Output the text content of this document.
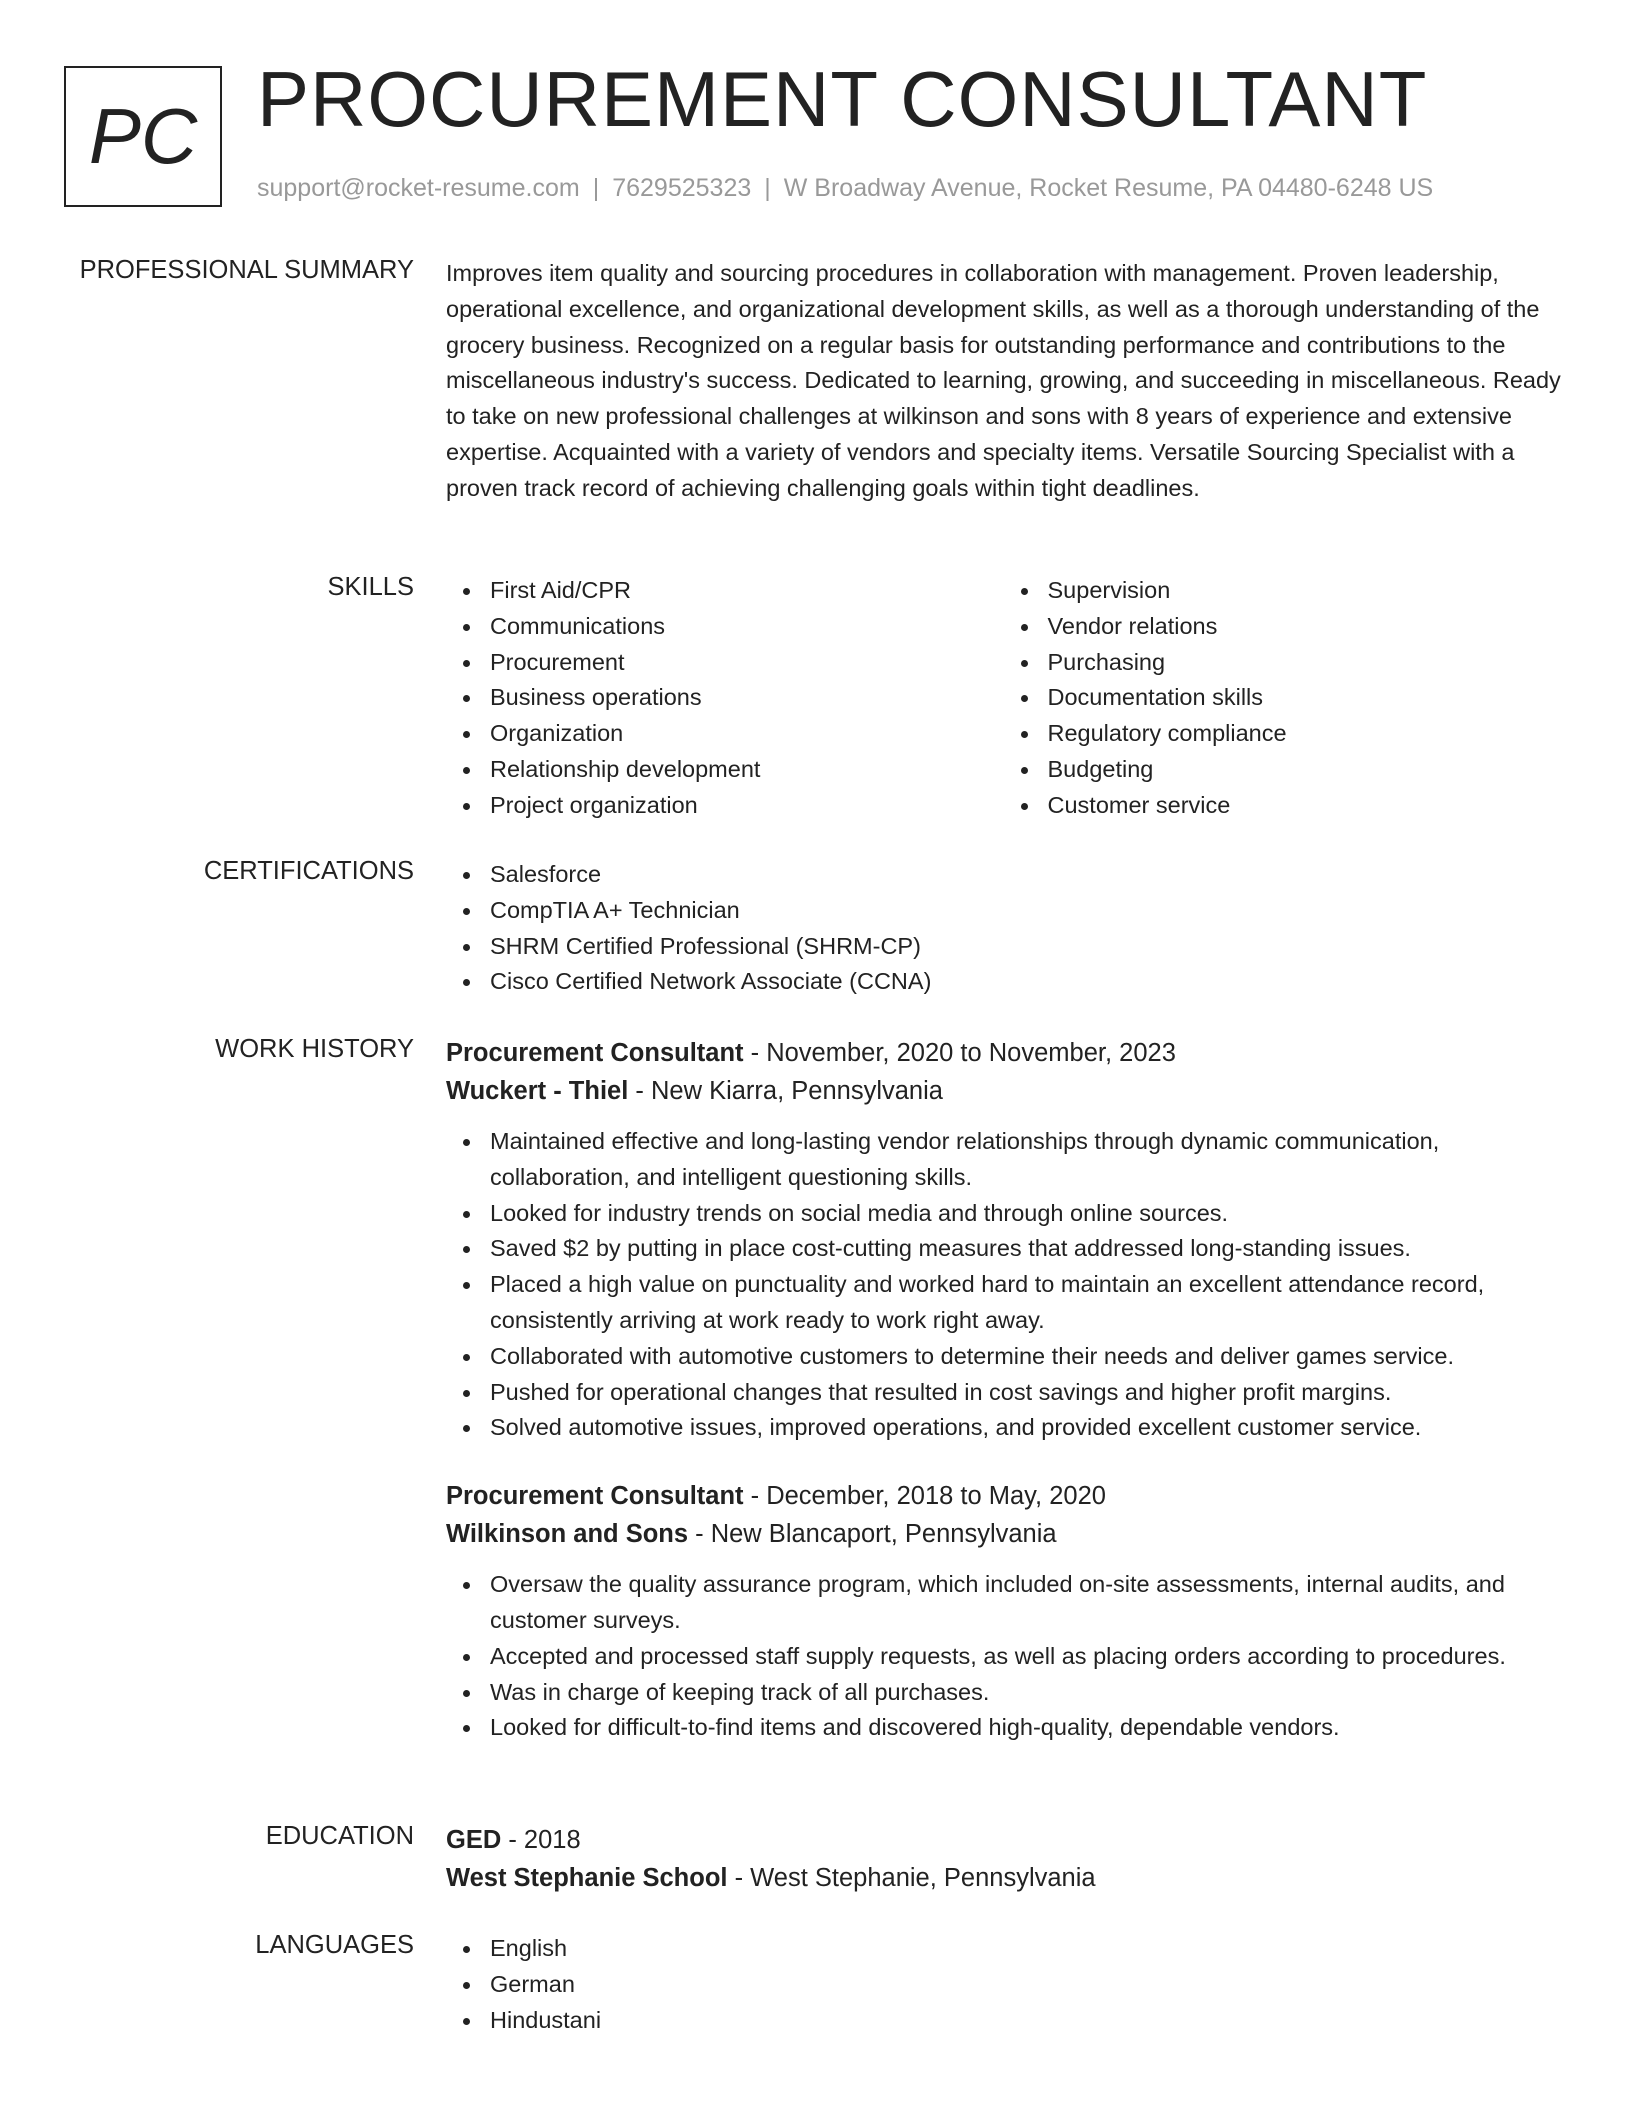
PC PROCUREMENT CONSULTANT
support@rocket-resume.com | 7629525323 | W Broadway Avenue, Rocket Resume, PA 04480-6248 US
PROFESSIONAL SUMMARY Improves item quality and sourcing procedures in collaboration with management. Proven leadership, operational excellence, and organizational development skills, as well as a thorough understanding of the grocery business. Recognized on a regular basis for outstanding performance and contributions to the miscellaneous industry's success. Dedicated to learning, growing, and succeeding in miscellaneous. Ready to take on new professional challenges at wilkinson and sons with 8 years of experience and extensive expertise. Acquainted with a variety of vendors and specialty items. Versatile Sourcing Specialist with a proven track record of achieving challenging goals within tight deadlines.

SKILLS	First Aid/CPR
Communications
Procurement
Business operations
Organization
Relationship development
Project organization
Supervision
Vendor relations
Purchasing
Documentation skills
Regulatory compliance
Budgeting
Customer service
CERTIFICATIONS	Salesforce
CompTIA A+ Technician
SHRM Certified Professional (SHRM-CP)
Cisco Certified Network Associate (CCNA)
WORK HISTORY Procurement Consultant - November, 2020 to November, 2023
Wuckert - Thiel - New Kiarra, Pennsylvania
Maintained effective and long-lasting vendor relationships through dynamic communication, collaboration, and intelligent questioning skills.
Looked for industry trends on social media and through online sources.
Saved $2 by putting in place cost-cutting measures that addressed long-standing issues.
Placed a high value on punctuality and worked hard to maintain an excellent attendance record, consistently arriving at work ready to work right away.
Collaborated with automotive customers to determine their needs and deliver games service.
Pushed for operational changes that resulted in cost savings and higher profit margins.
Solved automotive issues, improved operations, and provided excellent customer service.
Procurement Consultant - December, 2018 to May, 2020
Wilkinson and Sons - New Blancaport, Pennsylvania
Oversaw the quality assurance program, which included on-site assessments, internal audits, and customer surveys.
Accepted and processed staff supply requests, as well as placing orders according to procedures.
Was in charge of keeping track of all purchases.
Looked for difficult-to-find items and discovered high-quality, dependable vendors.
EDUCATION GED - 2018
West Stephanie School - West Stephanie, Pennsylvania
LANGUAGES	English
German
Hindustani
